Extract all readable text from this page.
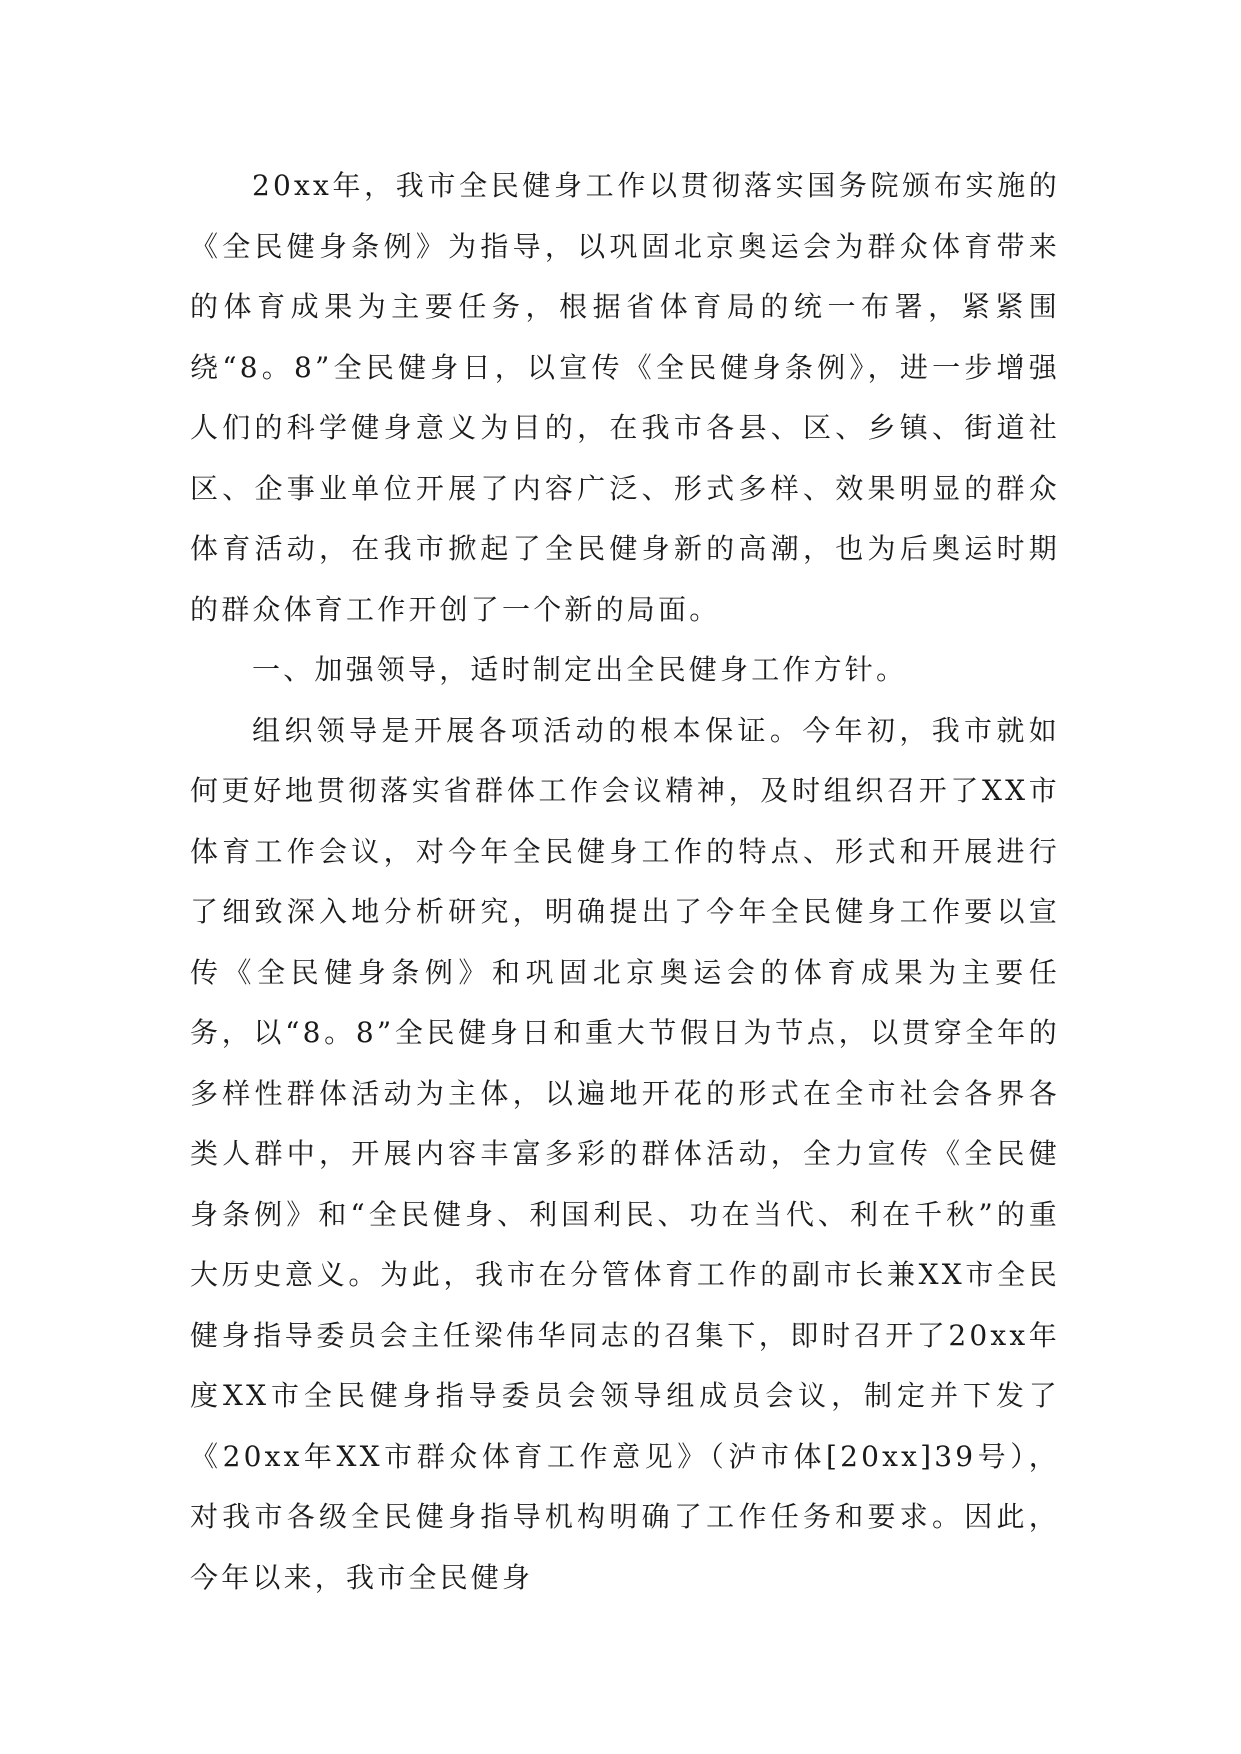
20xx年，我市全民健身工作以贯彻落实国务院颁布实施的《全民健身条例》为指导，以巩固北京奥运会为群众体育带来的体育成果为主要任务，根据省体育局的统一布署，紧紧围绕“8。8”全民健身日，以宣传《全民健身条例》，进一步增强人们的科学健身意义为目的，在我市各县、区、乡镇、街道社区、企事业单位开展了内容广泛、形式多样、效果明显的群众体育活动，在我市掀起了全民健身新的高潮，也为后奥运时期的群众体育工作开创了一个新的局面。

一、加强领导，适时制定出全民健身工作方针。

组织领导是开展各项活动的根本保证。今年初，我市就如何更好地贯彻落实省群体工作会议精神，及时组织召开了XX市体育工作会议，对今年全民健身工作的特点、形式和开展进行了细致深入地分析研究，明确提出了今年全民健身工作要以宣传《全民健身条例》和巩固北京奥运会的体育成果为主要任务，以“8。8”全民健身日和重大节假日为节点，以贯穿全年的多样性群体活动为主体，以遍地开花的形式在全市社会各界各类人群中，开展内容丰富多彩的群体活动，全力宣传《全民健身条例》和“全民健身、利国利民、功在当代、利在千秋”的重大历史意义。为此，我市在分管体育工作的副市长兼XX市全民健身指导委员会主任梁伟华同志的召集下，即时召开了20xx年度XX市全民健身指导委员会领导组成员会议，制定并下发了《20xx年XX市群众体育工作意见》（泸市体[20xx]39号），对我市各级全民健身指导机构明确了工作任务和要求。因此，今年以来，我市全民健身
